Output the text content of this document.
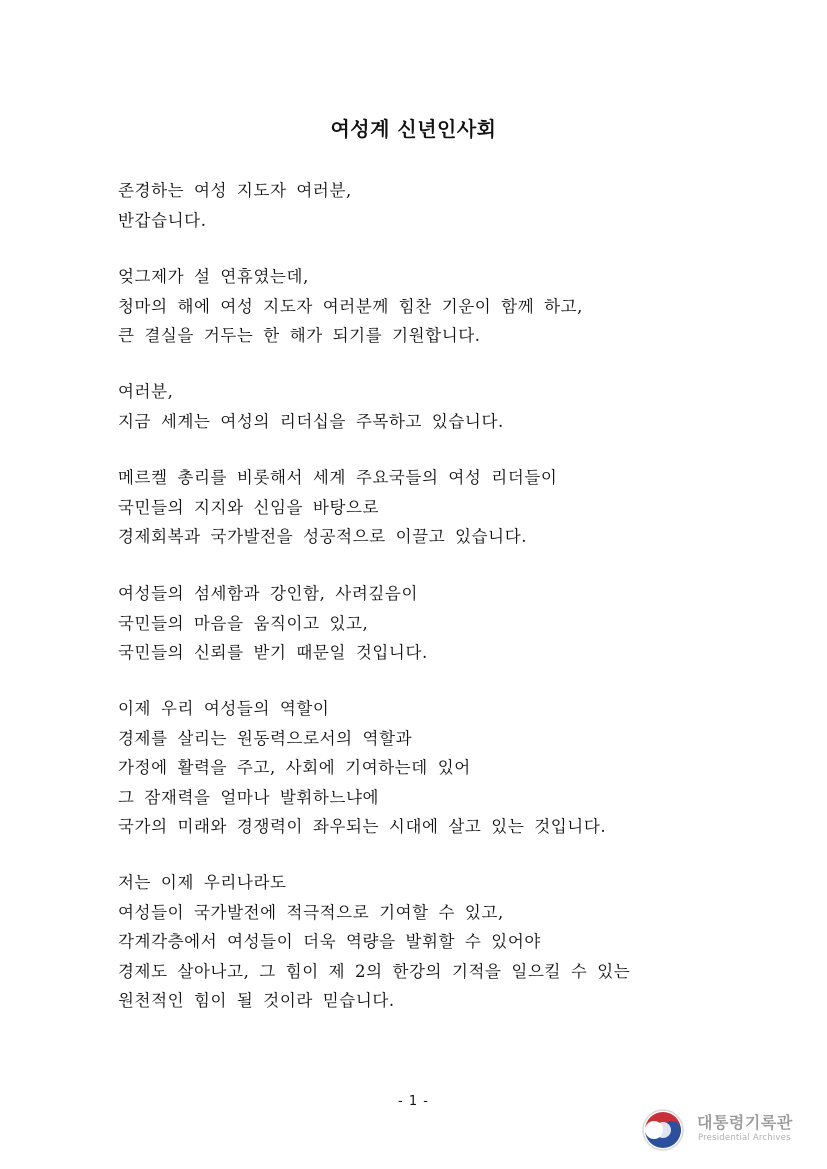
여성계 신년인사회
존경하는 여성 지도자 여러분,
반갑습니다.
엊그제가 설 연휴였는데,
청마의 해에 여성 지도자 여러분께 힘찬 기운이 함께 하고,
큰 결실을 거두는 한 해가 되기를 기원합니다.
여러분,
지금 세계는 여성의 리더십을 주목하고 있습니다.
메르켈 총리를 비롯해서 세계 주요국들의 여성 리더들이
국민들의 지지와 신임을 바탕으로
경제회복과 국가발전을 성공적으로 이끌고 있습니다.
여성들의 섬세함과 강인함, 사려깊음이
국민들의 마음을 움직이고 있고,
국민들의 신뢰를 받기 때문일 것입니다.
이제 우리 여성들의 역할이
경제를 살리는 원동력으로서의 역할과
가정에 활력을 주고, 사회에 기여하는데 있어
그 잠재력을 얼마나 발휘하느냐에
국가의 미래와 경쟁력이 좌우되는 시대에 살고 있는 것입니다.
저는 이제 우리나라도
여성들이 국가발전에 적극적으로 기여할 수 있고,
각계각층에서 여성들이 더욱 역량을 발휘할 수 있어야
경제도 살아나고, 그 힘이 제 2의 한강의 기적을 일으킬 수 있는
원천적인 힘이 될 것이라 믿습니다.
- 1 -
대통령기록관
Presidential Archives
